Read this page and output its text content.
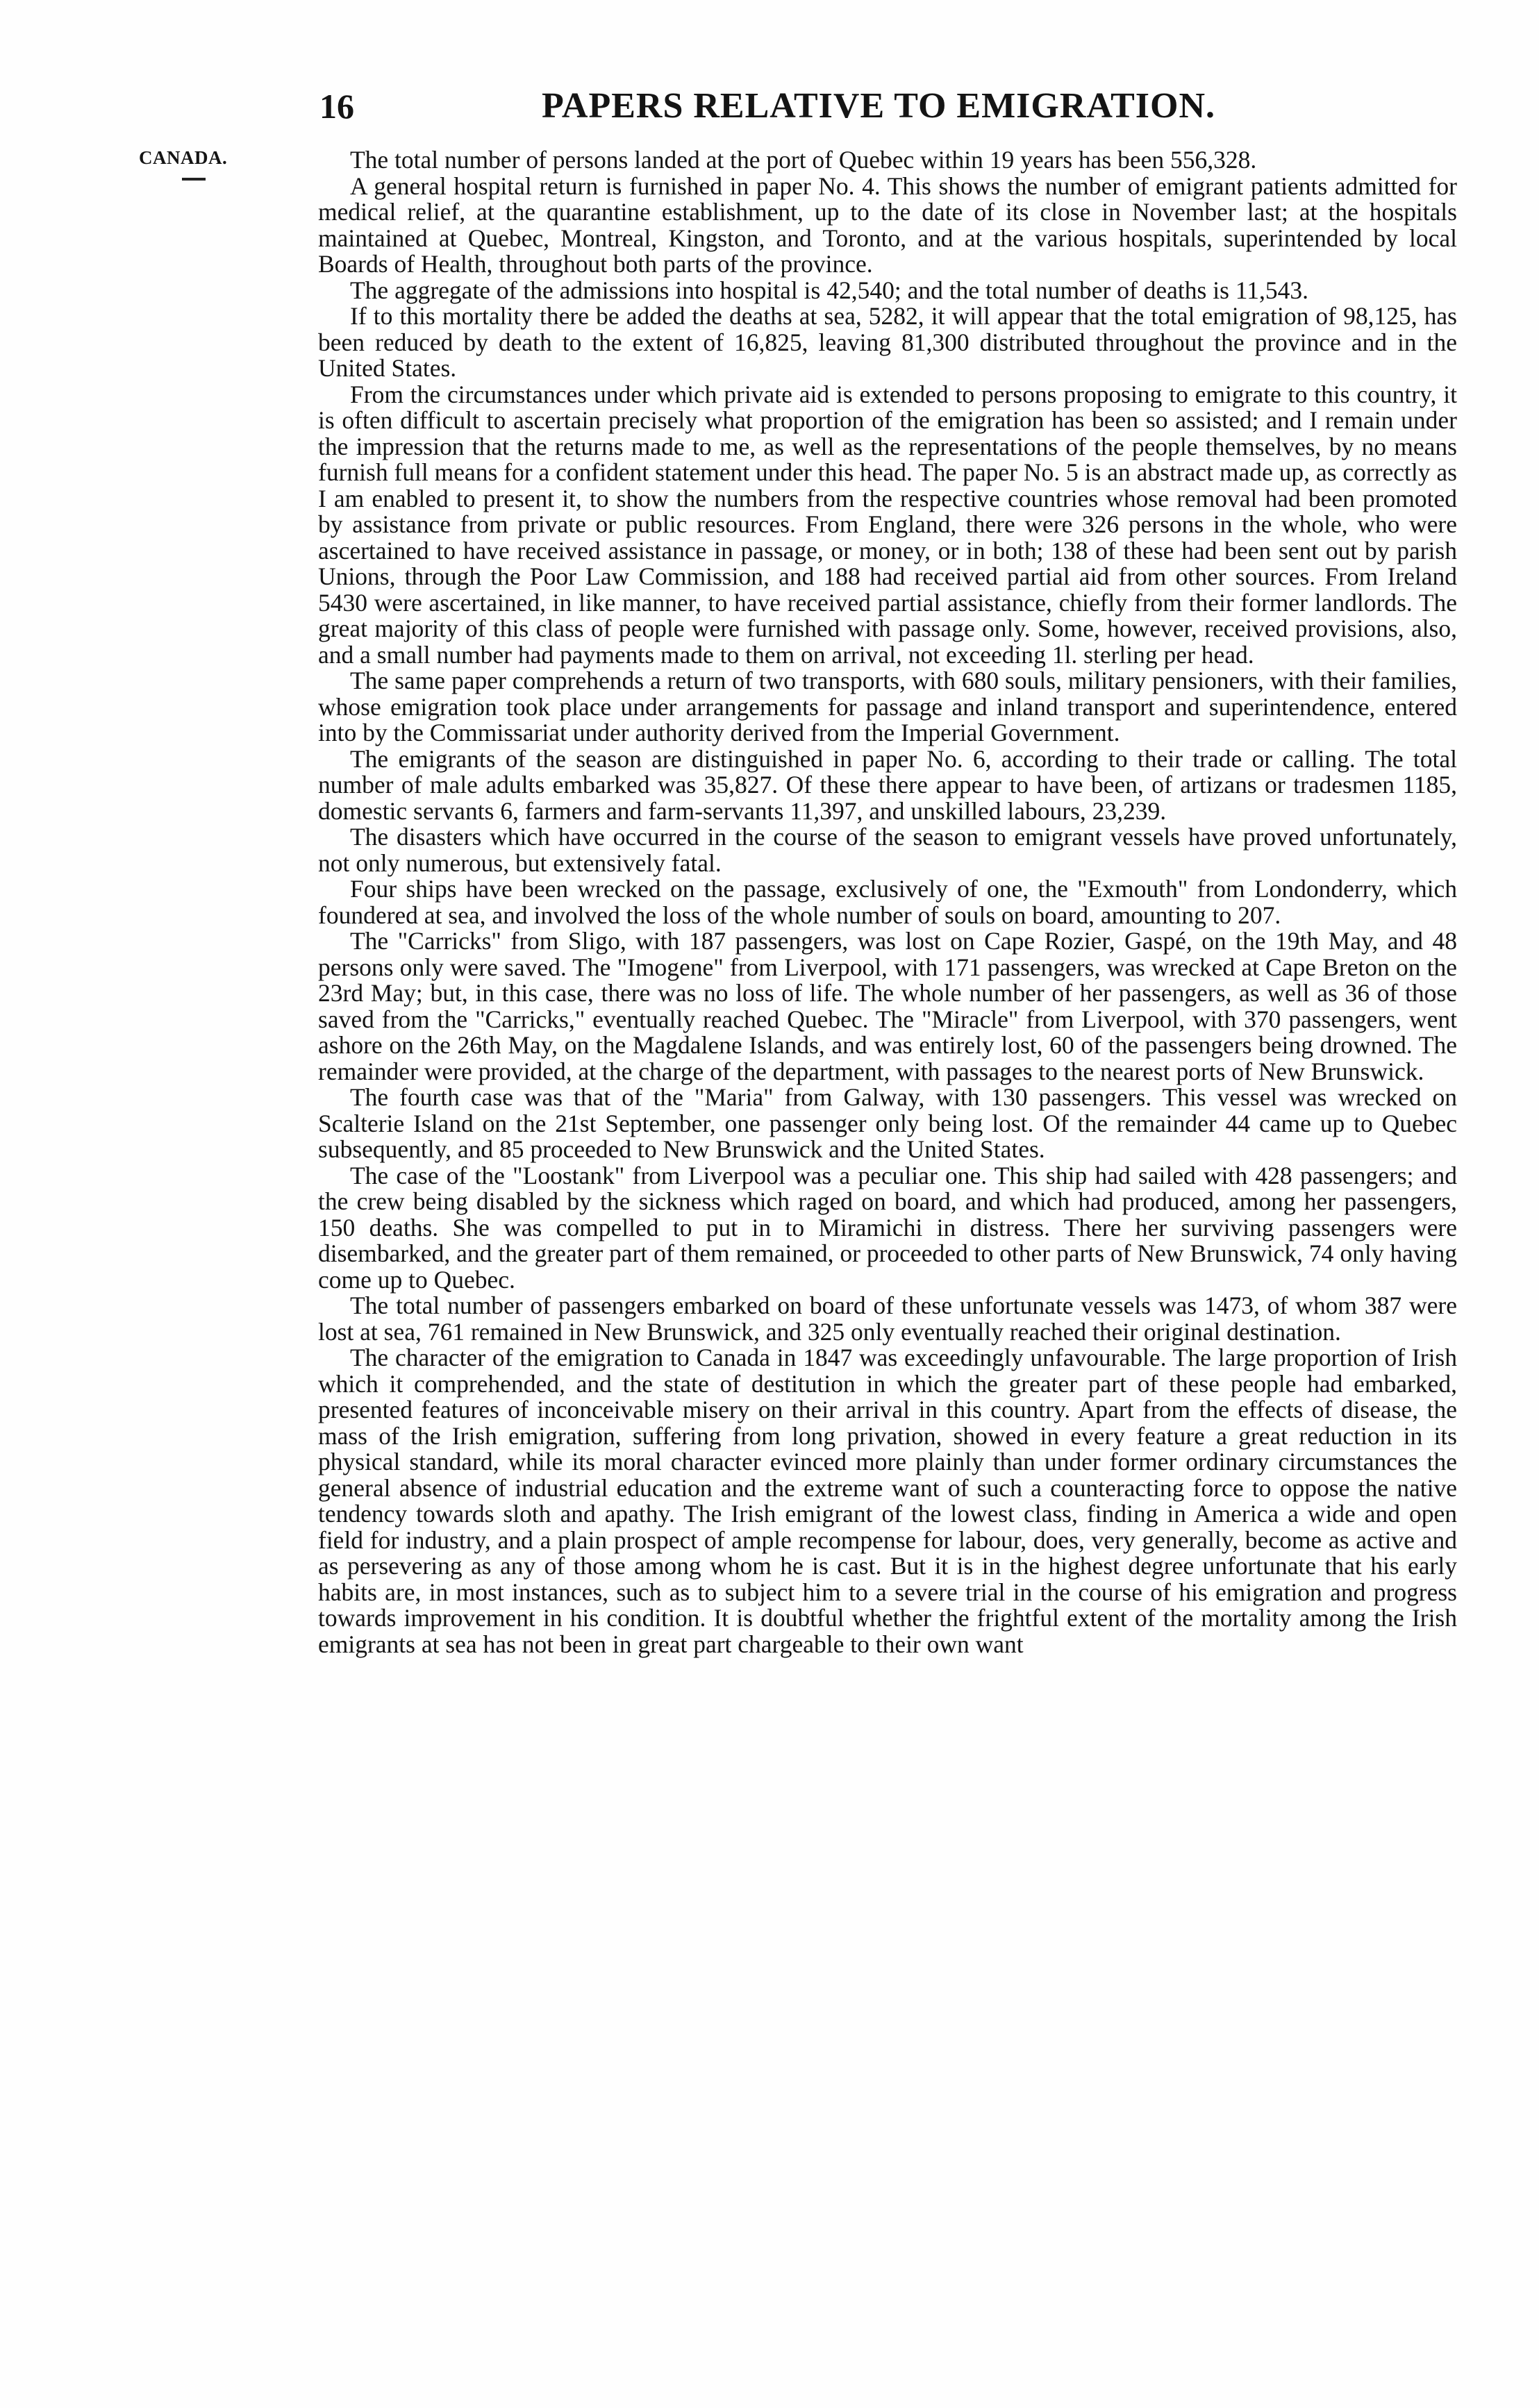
16	PAPERS RELATIVE TO EMIGRATION.
CANADA.	The total number of persons landed at the port of Quebec within 19 years has been 556,328.

A general hospital return is furnished in paper No. 4. This shows the number of emigrant patients admitted for medical relief, at the quarantine establishment, up to the date of its close in November last; at the hospitals maintained at Quebec, Montreal, Kingston, and Toronto, and at the various hospitals, superintended by local Boards of Health, throughout both parts of the province.

The aggregate of the admissions into hospital is 42,540; and the total number of deaths is 11,543.

If to this mortality there be added the deaths at sea, 5282, it will appear that the total emigration of 98,125, has been reduced by death to the extent of 16,825, leaving 81,300 distributed throughout the province and in the United States.

From the circumstances under which private aid is extended to persons proposing to emigrate to this country, it is often difficult to ascertain precisely what proportion of the emigration has been so assisted; and I remain under the impression that the returns made to me, as well as the representations of the people themselves, by no means furnish full means for a confident statement under this head. The paper No. 5 is an abstract made up, as correctly as I am enabled to present it, to show the numbers from the respective countries whose removal had been promoted by assistance from private or public resources. From England, there were 326 persons in the whole, who were ascertained to have received assistance in passage, or money, or in both; 138 of these had been sent out by parish Unions, through the Poor Law Commission, and 188 had received partial aid from other sources. From Ireland 5430 were ascertained, in like manner, to have received partial assistance, chiefly from their former landlords. The great majority of this class of people were furnished with passage only. Some, however, received provisions, also, and a small number had payments made to them on arrival, not exceeding 1l. sterling per head.

The same paper comprehends a return of two transports, with 680 souls, military pensioners, with their families, whose emigration took place under arrangements for passage and inland transport and superintendence, entered into by the Commissariat under authority derived from the Imperial Government.

The emigrants of the season are distinguished in paper No. 6, according to their trade or calling. The total number of male adults embarked was 35,827. Of these there appear to have been, of artizans or tradesmen 1185, domestic servants 6, farmers and farm-servants 11,397, and unskilled labours, 23,239.

The disasters which have occurred in the course of the season to emigrant vessels have proved unfortunately, not only numerous, but extensively fatal.

Four ships have been wrecked on the passage, exclusively of one, the "Exmouth" from Londonderry, which foundered at sea, and involved the loss of the whole number of souls on board, amounting to 207.

The "Carricks" from Sligo, with 187 passengers, was lost on Cape Rozier, Gaspé, on the 19th May, and 48 persons only were saved. The "Imogene" from Liverpool, with 171 passengers, was wrecked at Cape Breton on the 23rd May; but, in this case, there was no loss of life. The whole number of her passengers, as well as 36 of those saved from the "Carricks," eventually reached Quebec. The "Miracle" from Liverpool, with 370 passengers, went ashore on the 26th May, on the Magdalene Islands, and was entirely lost, 60 of the passengers being drowned. The remainder were provided, at the charge of the department, with passages to the nearest ports of New Brunswick.

The fourth case was that of the "Maria" from Galway, with 130 passengers. This vessel was wrecked on Scalterie Island on the 21st September, one passenger only being lost. Of the remainder 44 came up to Quebec subsequently, and 85 proceeded to New Brunswick and the United States.

The case of the "Loostank" from Liverpool was a peculiar one. This ship had sailed with 428 passengers; and the crew being disabled by the sickness which raged on board, and which had produced, among her passengers, 150 deaths. She was compelled to put in to Miramichi in distress. There her surviving passengers were disembarked, and the greater part of them remained, or proceeded to other parts of New Brunswick, 74 only having come up to Quebec.

The total number of passengers embarked on board of these unfortunate vessels was 1473, of whom 387 were lost at sea, 761 remained in New Brunswick, and 325 only eventually reached their original destination.

The character of the emigration to Canada in 1847 was exceedingly unfavourable. The large proportion of Irish which it comprehended, and the state of destitution in which the greater part of these people had embarked, presented features of inconceivable misery on their arrival in this country. Apart from the effects of disease, the mass of the Irish emigration, suffering from long privation, showed in every feature a great reduction in its physical standard, while its moral character evinced more plainly than under former ordinary circumstances the general absence of industrial education and the extreme want of such a counteracting force to oppose the native tendency towards sloth and apathy. The Irish emigrant of the lowest class, finding in America a wide and open field for industry, and a plain prospect of ample recompense for labour, does, very generally, become as active and as persevering as any of those among whom he is cast. But it is in the highest degree unfortunate that his early habits are, in most instances, such as to subject him to a severe trial in the course of his emigration and progress towards improvement in his condition. It is doubtful whether the frightful extent of the mortality among the Irish emigrants at sea has not been in great part chargeable to their own want
